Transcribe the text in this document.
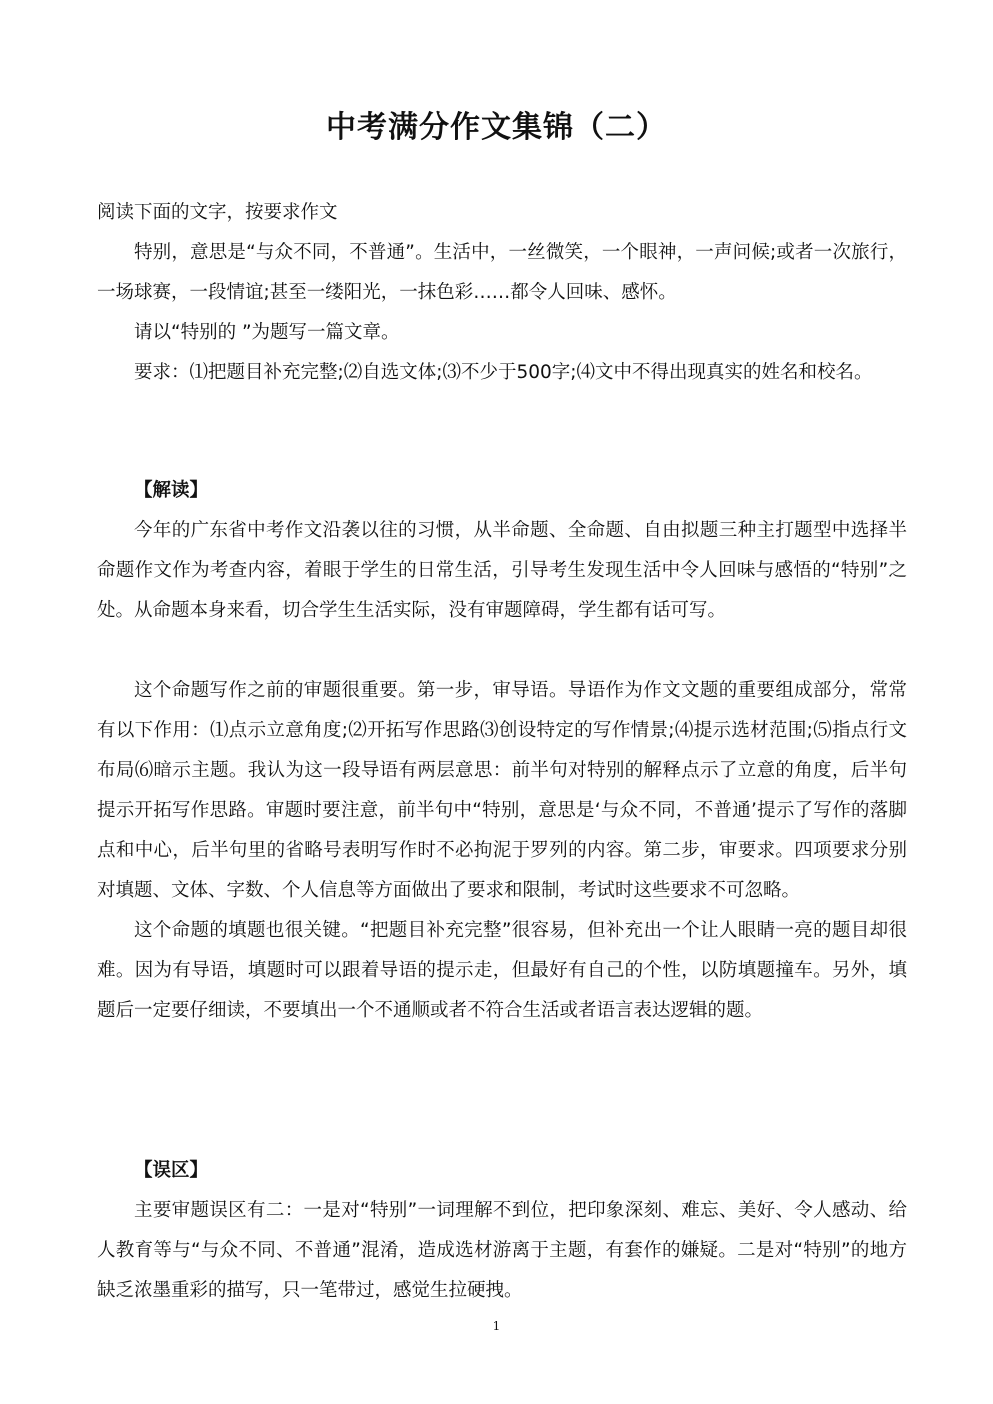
中考满分作文集锦（二）

阅读下面的文字，按要求作文

特别，意思是“与众不同，不普通”。生活中，一丝微笑，一个眼神，一声问候;或者一次旅行，一场球赛，一段情谊;甚至一缕阳光，一抹色彩……都令人回味、感怀。

请以“特别的 ”为题写一篇文章。

要求：⑴把题目补充完整;⑵自选文体;⑶不少于500字;⑷文中不得出现真实的姓名和校名。

【解读】

今年的广东省中考作文沿袭以往的习惯，从半命题、全命题、自由拟题三种主打题型中选择半命题作文作为考查内容，着眼于学生的日常生活，引导考生发现生活中令人回味与感悟的“特别”之处。从命题本身来看，切合学生生活实际，没有审题障碍，学生都有话可写。

这个命题写作之前的审题很重要。第一步，审导语。导语作为作文文题的重要组成部分，常常有以下作用：⑴点示立意角度;⑵开拓写作思路⑶创设特定的写作情景;⑷提示选材范围;⑸指点行文布局⑹暗示主题。我认为这一段导语有两层意思：前半句对特别的解释点示了立意的角度，后半句提示开拓写作思路。审题时要注意，前半句中“特别，意思是‘与众不同，不普通’提示了写作的落脚点和中心，后半句里的省略号表明写作时不必拘泥于罗列的内容。第二步，审要求。四项要求分别对填题、文体、字数、个人信息等方面做出了要求和限制，考试时这些要求不可忽略。

这个命题的填题也很关键。“把题目补充完整”很容易，但补充出一个让人眼睛一亮的题目却很难。因为有导语，填题时可以跟着导语的提示走，但最好有自己的个性，以防填题撞车。另外，填题后一定要仔细读，不要填出一个不通顺或者不符合生活或者语言表达逻辑的题。

【误区】

主要审题误区有二：一是对“特别”一词理解不到位，把印象深刻、难忘、美好、令人感动、给人教育等与“与众不同、不普通”混淆，造成选材游离于主题，有套作的嫌疑。二是对“特别”的地方缺乏浓墨重彩的描写，只一笔带过，感觉生拉硬拽。

1
